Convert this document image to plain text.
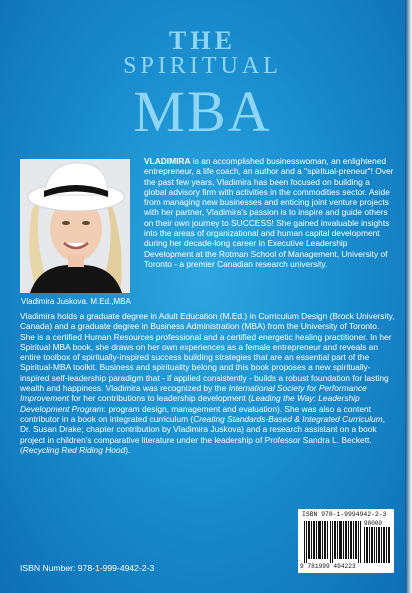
THE
SPIRITUAL
MBA
Vladimira Juskova. M.Ed.,MBA
VLADIMIRA is an accomplished businesswoman, an enlightened entrepreneur, a life coach, an author and a "spiritual-preneur"! Over the past few years, Vladimira has been focused on building a global advisory firm with activities in the commodities sector. Aside from managing new businesses and enticing joint venture projects with her partner, Vladimira's passion is to inspire and guide others on their own journey to SUCCESS! She gained invaluable insights into the areas of organizational and human capital development during her decade-long career in Executive Leadership Development at the Rotman School of Management, University of Toronto - a premier Canadian research university.
Vladimira holds a graduate degree in Adult Education (M.Ed.) in Curriculum Design (Brock University, Canada) and a graduate degree in Business Administration (MBA) from the University of Toronto. She is a certified Human Resources professional and a certified energetic healing practitioner. In her Spiritual MBA book, she draws on her own experiences as a female entrepreneur and reveals an entire toolbox of spiritually-inspired success building strategies that are an essential part of the Spiritual-MBA toolkit. Business and spirituality belong and this book proposes a new spiritually-inspired self-leadership paradigm that - if applied consistently - builds a robust foundation for lasting wealth and happiness. Vladimira was recognized by the International Society for Performance Improvement for her contributions to leadership development (Leading the Way: Leadership Development Program: program design, management and evaluation). She was also a content contributor in a book on integrated curriculum (Creating Standards-Based & Integrated Curriculum, Dr. Susan Drake; chapter contribution by Vladimira Juskova) and a research assistant on a book project in children's comparative literature under the leadership of Professor Sandra L. Beckett. (Recycling Red Riding Hood).
ISBN 978-1-9994942-2-3
90000
9 781999 494223
ISBN Number: 978-1-999-4942-2-3
